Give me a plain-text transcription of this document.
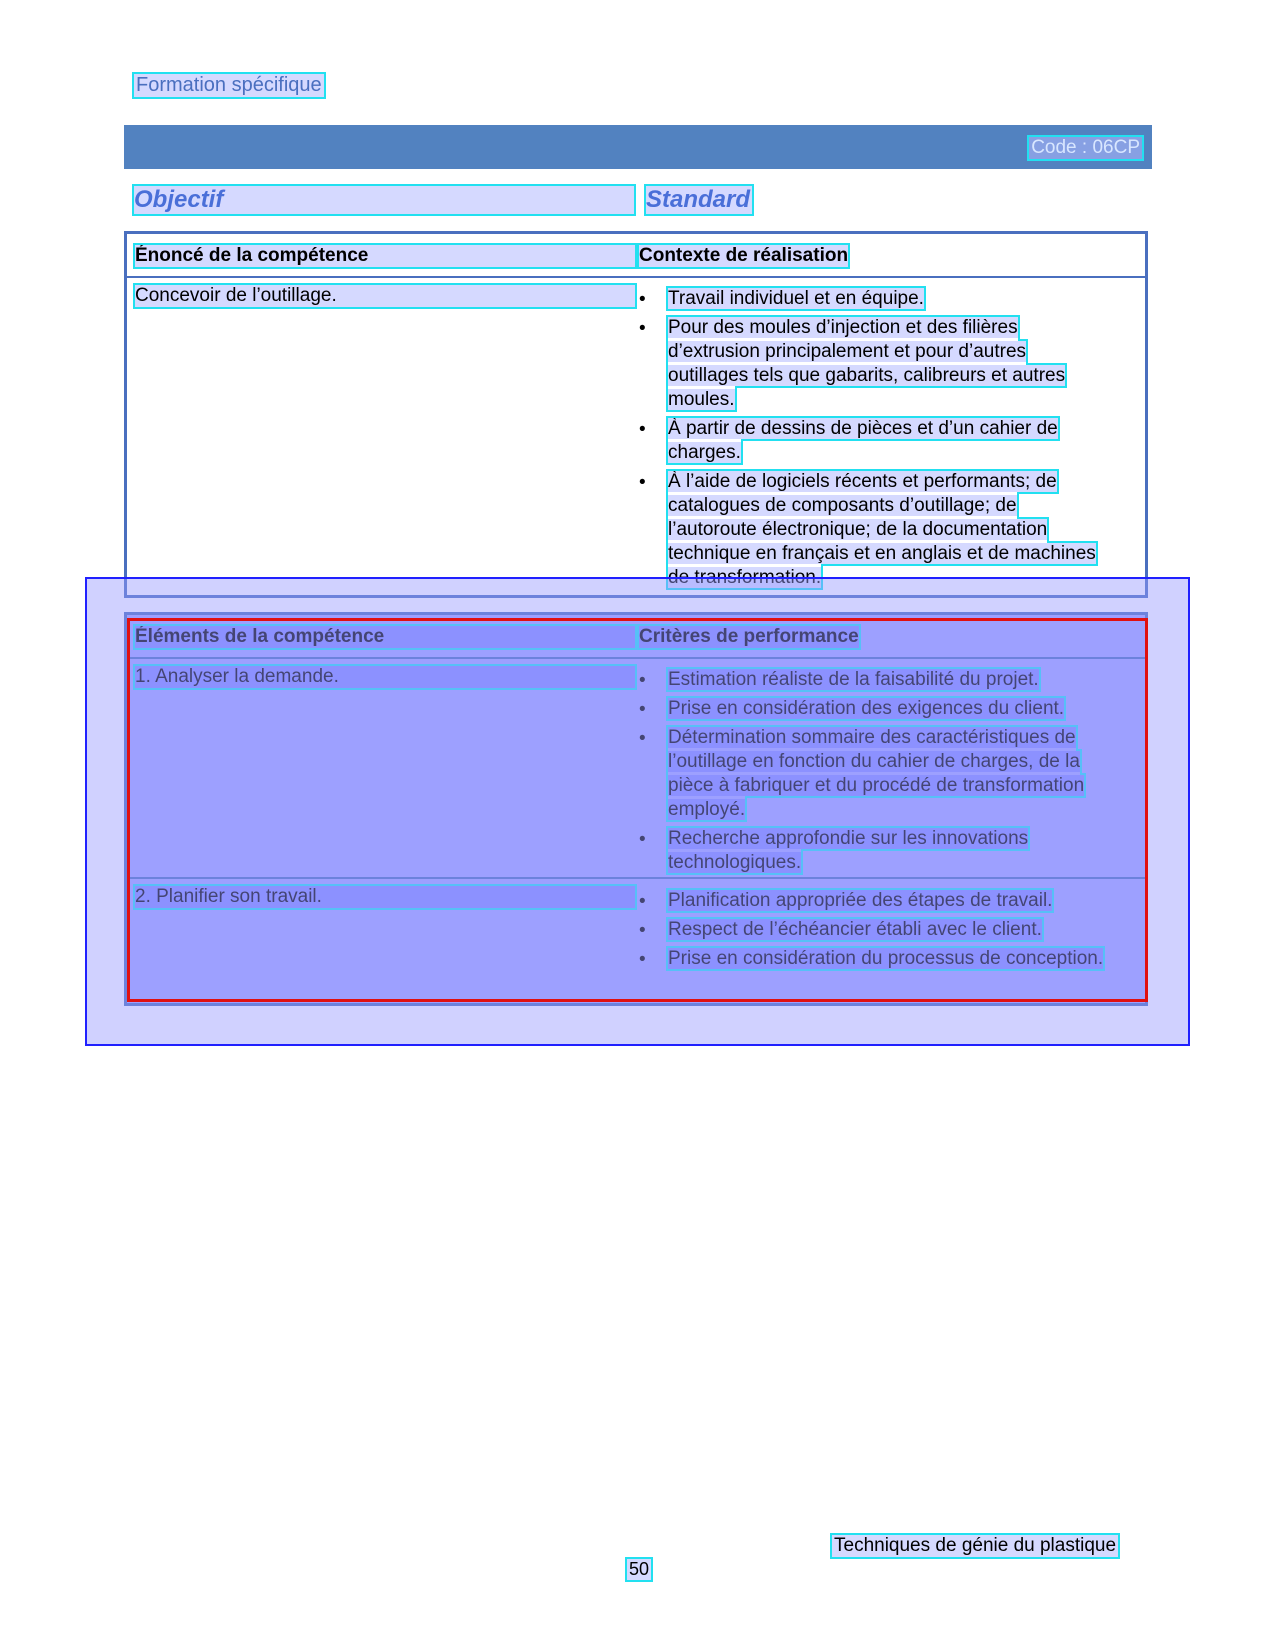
Formation spécifique
Code : 06CP
Objectif	Standard
Énoncé de la compétence	Contexte de réalisation
Concevoir de l’outillage.	• Travail individuel et en équipe.
• Pour des moules d’injection et des filières d’extrusion principalement et pour d’autres outillages tels que gabarits, calibreurs et autres moules.
• À partir de dessins de pièces et d’un cahier de charges.
• À l’aide de logiciels récents et performants; de catalogues de composants d’outillage; de l’autoroute électronique; de la documentation technique en français et en anglais et de machines de transformation.
Éléments de la compétence	Critères de performance
1. Analyser la demande.	• Estimation réaliste de la faisabilité du projet.
• Prise en considération des exigences du client.
• Détermination sommaire des caractéristiques de l’outillage en fonction du cahier de charges, de la pièce à fabriquer et du procédé de transformation employé.
• Recherche approfondie sur les innovations technologiques.
2. Planifier son travail.	• Planification appropriée des étapes de travail.
• Respect de l’échéancier établi avec le client.
• Prise en considération du processus de conception.
Techniques de génie du plastique
50
